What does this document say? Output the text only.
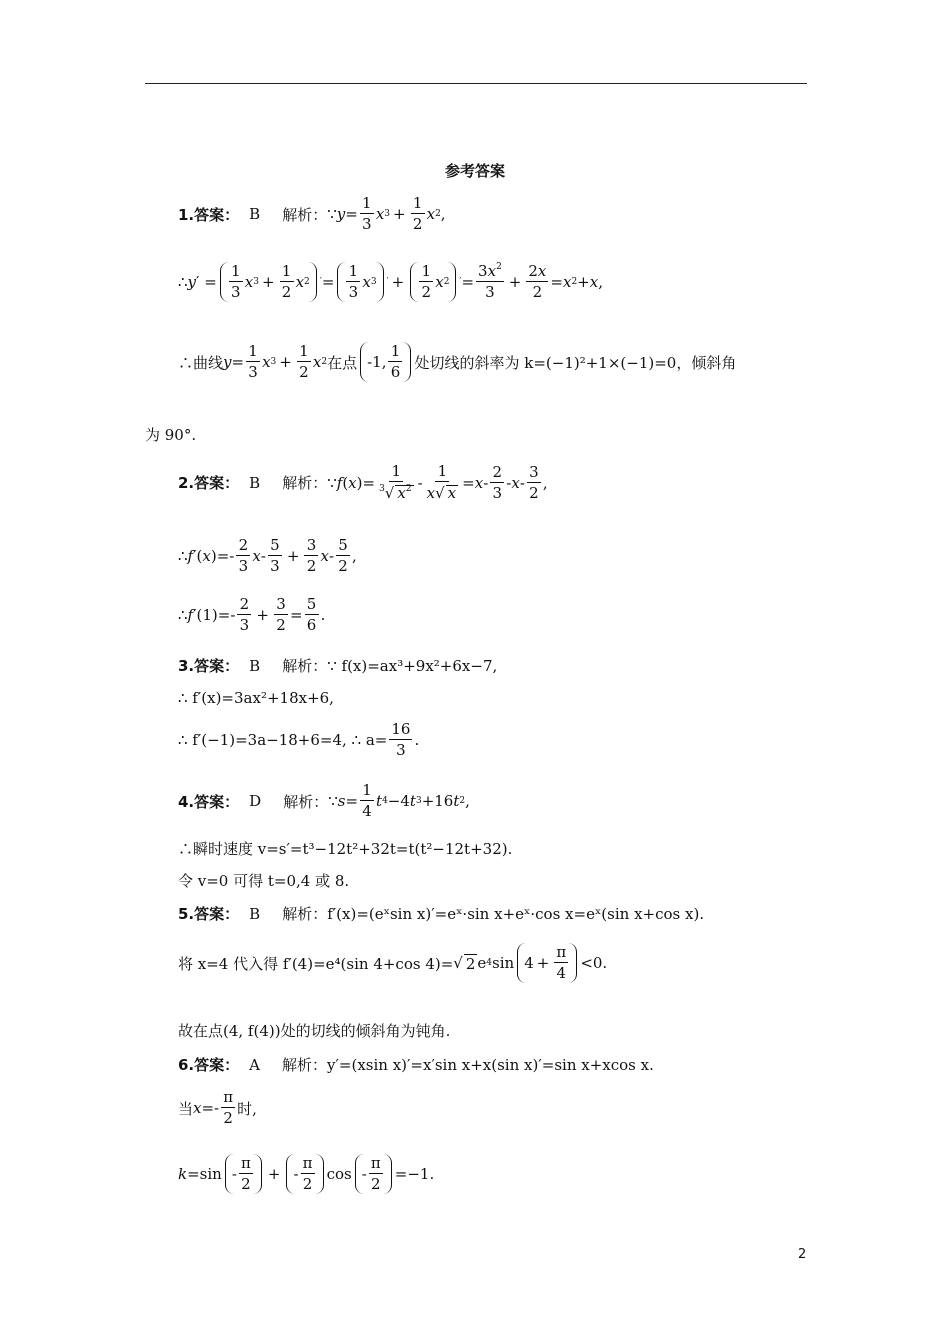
参考答案
1.答案： B 解析： ∵ $y = \frac{1}{3}$ x $3 + \frac{1}{2}$ x 2 ,
∴ y ′ = $\frac{1}{3}$ x $3 + \frac{1}{2}$ x 2 ′ = $\frac{1}{3}$ x 3 ′ + $\frac{1}{2}$ x 2 ′ = $\frac{3x^2}{3} + \frac{2x}{2} = x$ 2 + x ,
∴曲线 $y = \frac{1}{3}$ x $3 + \frac{1}{2}$ x 2 在点 -1, $\frac{1}{6}$ 处切线的斜率为 k=(−1)²+1×(−1)=0，倾斜角
为 90°.
2.答案： B 解析： ∵ f ( x )= $\frac{1}{^3√ x^2} - \frac{1}{x√ x} = x - \frac{2}{3} - x - \frac{3}{2}$ ,
∴ f ′( x )=- $\frac{2}{3}$ $x - \frac{5}{3} + \frac{3}{2}$ x - $\frac{5}{2}$ ,
∴ f $'(1)=- \frac{2}{3} + \frac{3}{2} = \frac{5}{6}$ .
3.答案： B 解析： ∵ f(x)=ax³+9x²+6x−7,
∴ f′(x)=3ax²+18x+6,
∴ f′(−1)=3a−18+6=4, ∴ $a= \frac{16}{3}$ .
4.答案： D 解析： ∵ $s = \frac{1}{4}$ t 4 −4 t 3 +16 t 2 ,
∴瞬时速度 v=s′=t³−12t²+32t=t(t²−12t+32).
令 v=0 可得 t=0,4 或 8.
5.答案： B 解析： f′(x)=(eˣsin x)′=eˣ·sin x+eˣ·cos x=eˣ(sin x+cos x).
将 x=4 代入得 f′(4)=e⁴(sin 4+cos 4)= √ 2 e 4 $\sin 4 + \frac{\pi}{4} <0$.
故在点(4, f(4))处的切线的倾斜角为钝角.
6.答案： A 解析： y′=(xsin x)′=x′sin x+x(sin x)′=sin x+xcos x.
当 $x =- \frac{\pi}{2}$ 时,
$k =\sin - \frac{\pi}{2}$ + - $\frac{\pi}{2}$ $\cos - \frac{\pi}{2} =-1$.
2
